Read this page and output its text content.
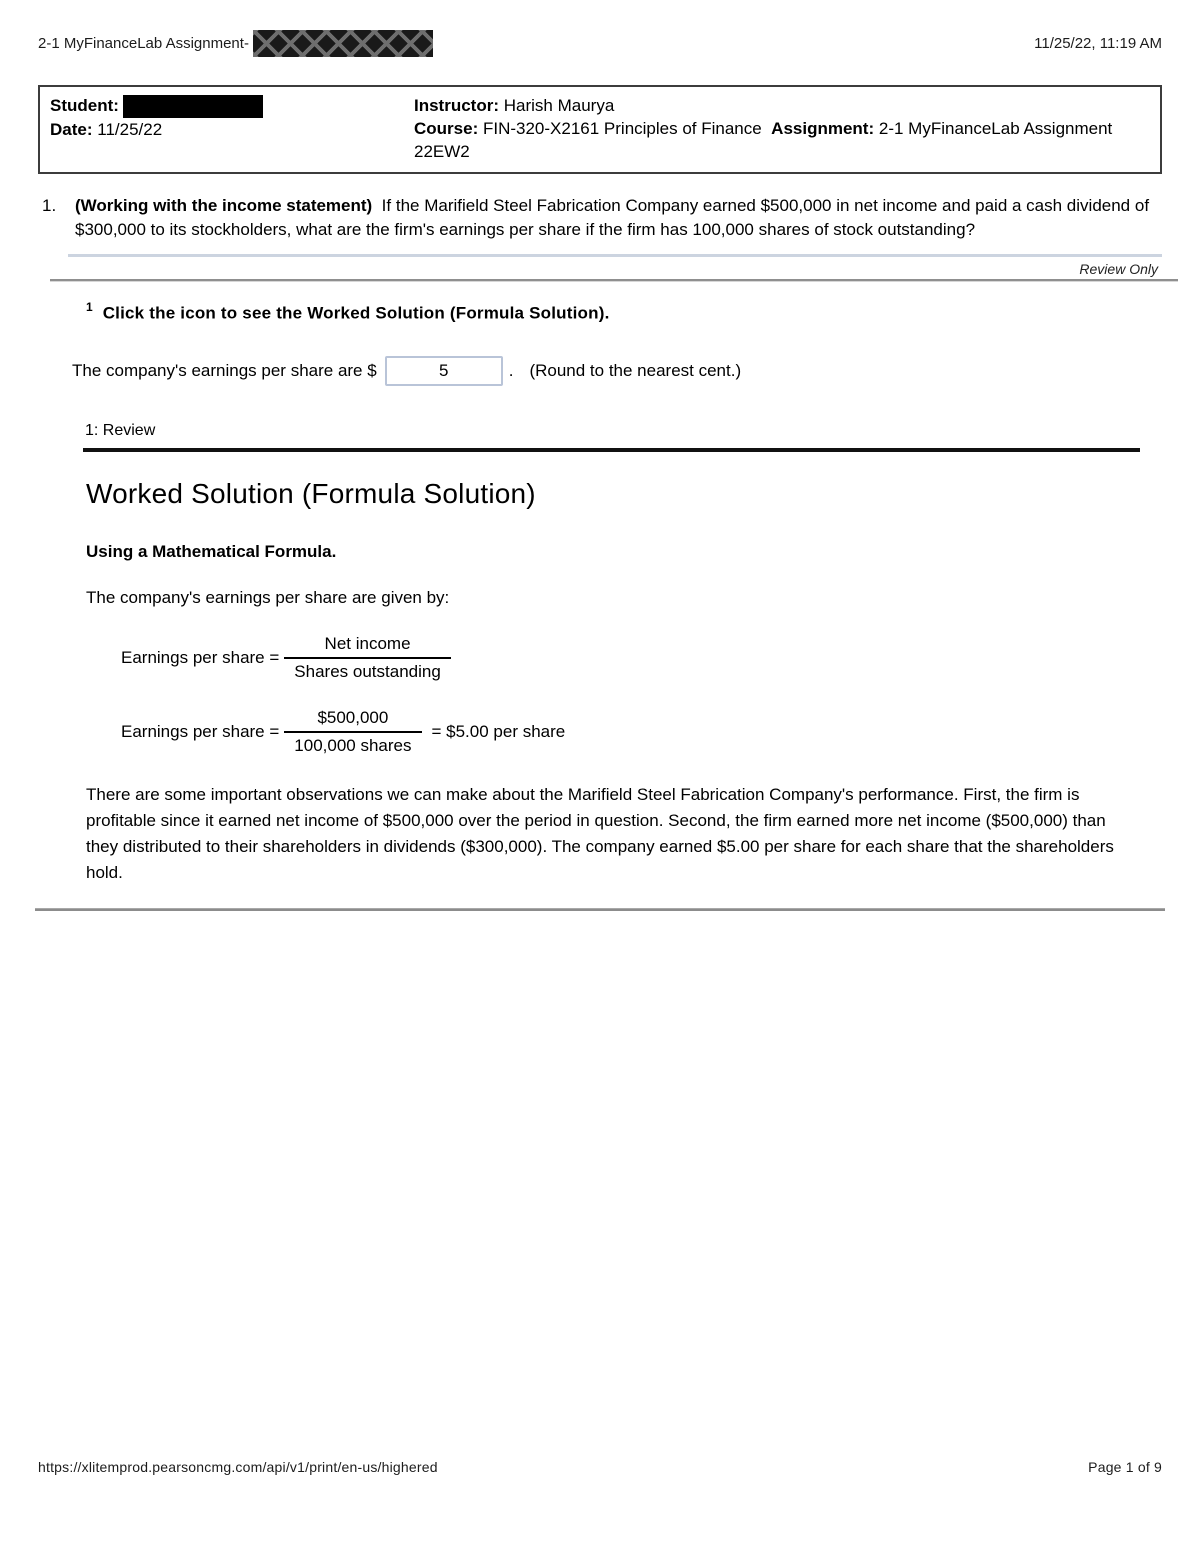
2-1 MyFinanceLab Assignment-	11/25/22, 11:19 AM
Student:
Date: 11/25/22

Instructor: Harish Maurya
Course: FIN-320-X2161 Principles of Finance Assignment: 2-1 MyFinanceLab Assignment 22EW2
1.	(Working with the income statement) If the Marifield Steel Fabrication Company earned $500,000 in net income and paid a cash dividend of $300,000 to its stockholders, what are the firm's earnings per share if the firm has 100,000 shares of stock outstanding?
Review Only
$^1$ Click the icon to see the Worked Solution (Formula Solution).
The company's earnings per share are $
5	. (Round to the nearest cent.)
1: Review
Worked Solution (Formula Solution)
Using a Mathematical Formula.
The company's earnings per share are given by:
Earnings per share = $\frac{\text{Net income}}{\text{Shares outstanding}}$
Earnings per share = $\frac{\$500,000}{\text{100,000 shares}}$ = $5.00 per share
There are some important observations we can make about the Marifield Steel Fabrication Company's performance. First, the firm is profitable since it earned net income of $500,000 over the period in question. Second, the firm earned more net income ($500,000) than they distributed to their shareholders in dividends ($300,000). The company earned $5.00 per share for each share that the shareholders hold.
https://xlitemprod.pearsoncmg.com/api/v1/print/en-us/highered	Page 1 of 9
